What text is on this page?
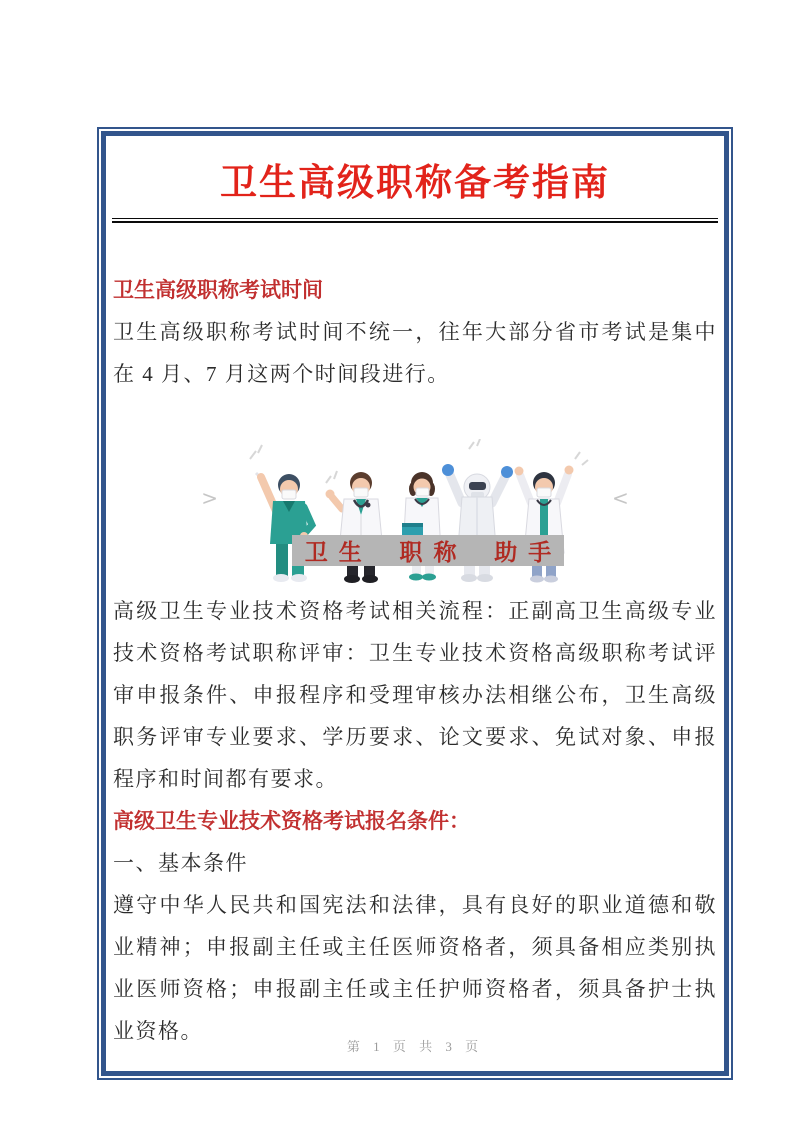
卫生高级职称备考指南
卫生高级职称考试时间

卫生高级职称考试时间不统一，往年大部分省市考试是集中在 4 月、7 月这两个时间段进行。

>
卫生 职称 助手
<

高级卫生专业技术资格考试相关流程：正副高卫生高级专业技术资格考试职称评审：卫生专业技术资格高级职称考试评审申报条件、申报程序和受理审核办法相继公布，卫生高级职务评审专业要求、学历要求、论文要求、免试对象、申报程序和时间都有要求。

高级卫生专业技术资格考试报名条件：

一、基本条件

遵守中华人民共和国宪法和法律，具有良好的职业道德和敬业精神；申报副主任或主任医师资格者，须具备相应类别执业医师资格；申报副主任或主任护师资格者，须具备护士执业资格。

第 1 页 共 3 页
